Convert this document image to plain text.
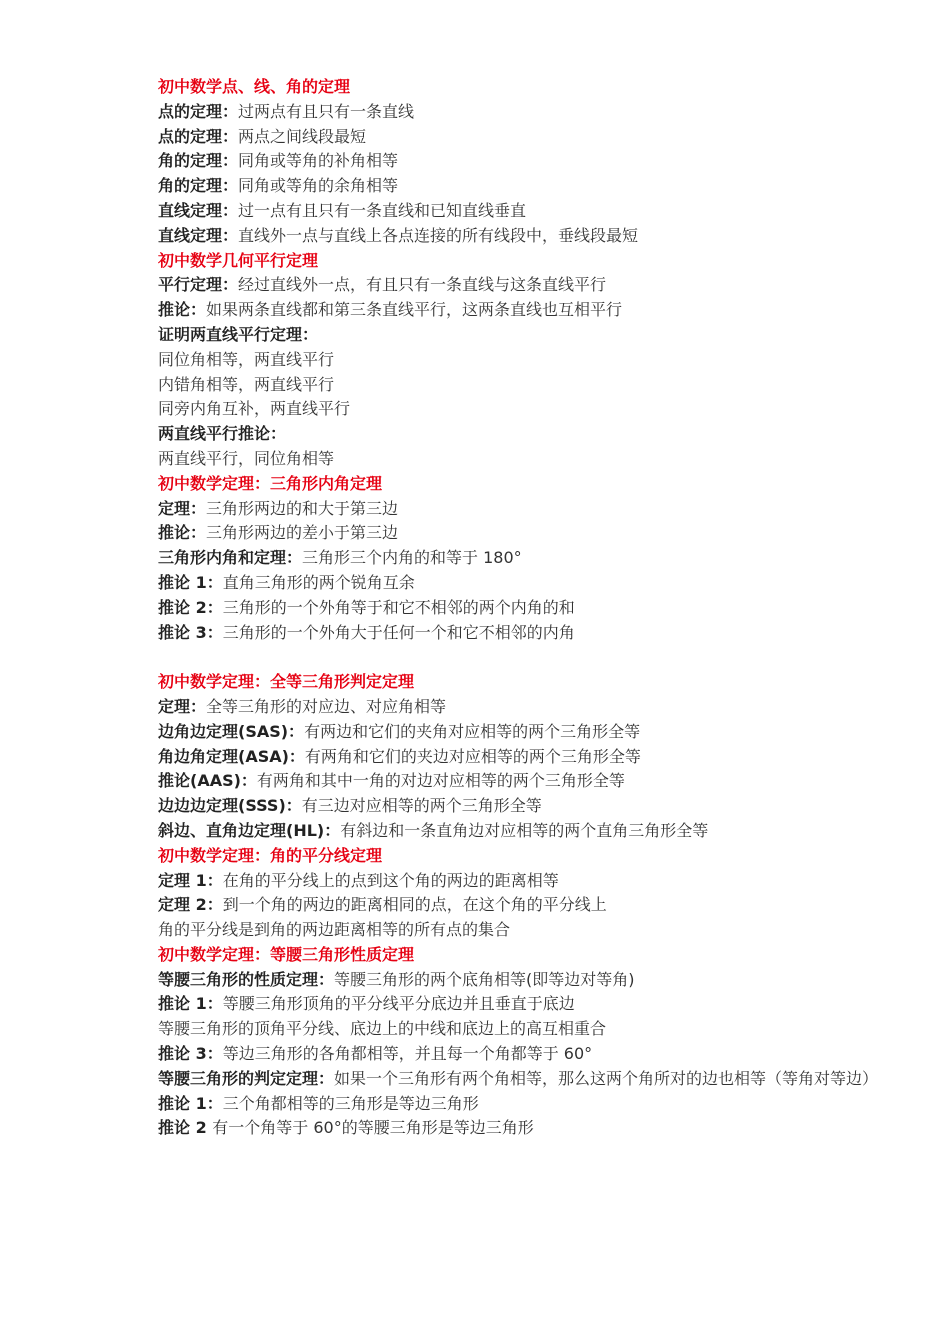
初中数学点、线、角的定理
点的定理：过两点有且只有一条直线
点的定理：两点之间线段最短
角的定理：同角或等角的补角相等
角的定理：同角或等角的余角相等
直线定理：过一点有且只有一条直线和已知直线垂直
直线定理：直线外一点与直线上各点连接的所有线段中，垂线段最短
初中数学几何平行定理
平行定理：经过直线外一点，有且只有一条直线与这条直线平行
推论：如果两条直线都和第三条直线平行，这两条直线也互相平行
证明两直线平行定理：
同位角相等，两直线平行
内错角相等，两直线平行
同旁内角互补，两直线平行
两直线平行推论：
两直线平行，同位角相等
初中数学定理：三角形内角定理
定理：三角形两边的和大于第三边
推论：三角形两边的差小于第三边
三角形内角和定理：三角形三个内角的和等于 180°
推论 1：直角三角形的两个锐角互余
推论 2：三角形的一个外角等于和它不相邻的两个内角的和
推论 3：三角形的一个外角大于任何一个和它不相邻的内角
初中数学定理：全等三角形判定定理
定理：全等三角形的对应边、对应角相等
边角边定理(SAS)：有两边和它们的夹角对应相等的两个三角形全等
角边角定理(ASA)：有两角和它们的夹边对应相等的两个三角形全等
推论(AAS)：有两角和其中一角的对边对应相等的两个三角形全等
边边边定理(SSS)：有三边对应相等的两个三角形全等
斜边、直角边定理(HL)：有斜边和一条直角边对应相等的两个直角三角形全等
初中数学定理：角的平分线定理
定理 1：在角的平分线上的点到这个角的两边的距离相等
定理 2：到一个角的两边的距离相同的点，在这个角的平分线上
角的平分线是到角的两边距离相等的所有点的集合
初中数学定理：等腰三角形性质定理
等腰三角形的性质定理：等腰三角形的两个底角相等(即等边对等角)
推论 1：等腰三角形顶角的平分线平分底边并且垂直于底边
等腰三角形的顶角平分线、底边上的中线和底边上的高互相重合
推论 3：等边三角形的各角都相等，并且每一个角都等于 60°
等腰三角形的判定定理：如果一个三角形有两个角相等，那么这两个角所对的边也相等（等角对等边）
推论 1：三个角都相等的三角形是等边三角形
推论 2 有一个角等于 60°的等腰三角形是等边三角形
